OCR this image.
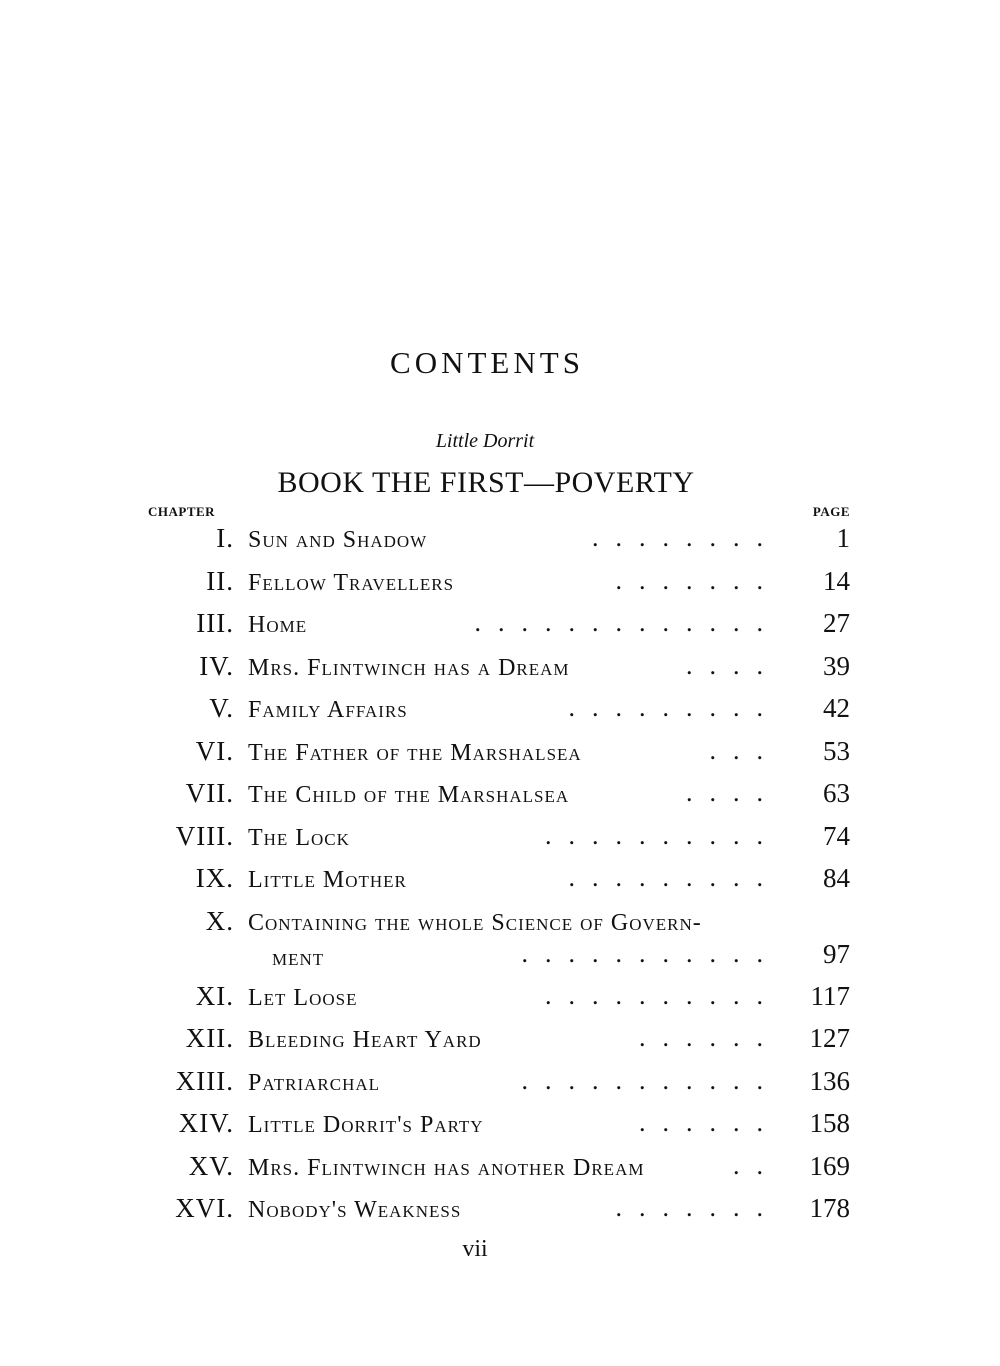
CONTENTS
Little Dorrit
BOOK THE FIRST—POVERTY
CHAPTER	PAGE
I. Sun and Shadow	........ 1
II. Fellow Travellers	....... 14
III. Home	............. 27
IV. Mrs. Flintwinch has a Dream	.... 39
V. Family Affairs	......... 42
VI. The Father of the Marshalsea	... 53
VII. The Child of the Marshalsea	.... 63
VIII. The Lock	.......... 74
IX. Little Mother	......... 84
X. Containing the whole Science of Govern-
ment	........... 97
XI. Let Loose	.......... 117
XII. Bleeding Heart Yard	...... 127
XIII. Patriarchal	........... 136
XIV. Little Dorrit's Party	...... 158
XV. Mrs. Flintwinch has another Dream	.. 169
XVI. Nobody's Weakness	....... 178
vii
